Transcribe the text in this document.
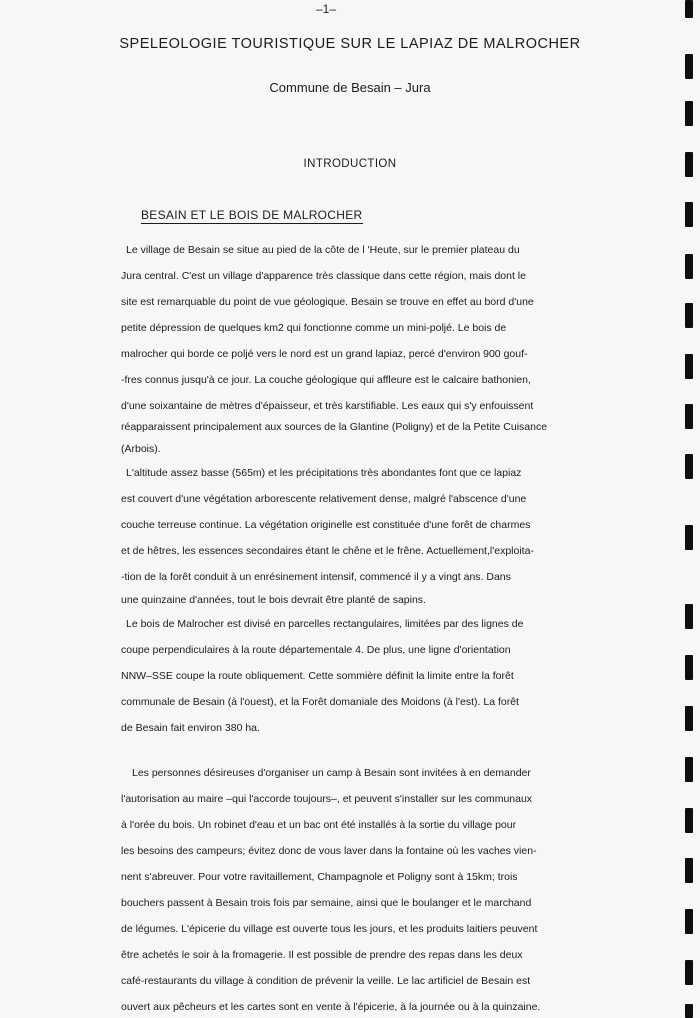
–1–
SPELEOLOGIE TOURISTIQUE SUR LE LAPIAZ DE MALROCHER
Commune de Besain – Jura
INTRODUCTION
BESAIN ET LE BOIS DE MALROCHER
Le village de Besain se situe au pied de la côte de l 'Heute, sur le premier plateau du
Jura central. C'est un village d'apparence très classique dans cette région, mais dont le
site est remarquable du point de vue géologique. Besain se trouve en effet au bord d'une
petite dépression de quelques km2 qui fonctionne comme un mini-poljé. Le bois de
malrocher qui borde ce poljé vers le nord est un grand lapiaz, percé d'environ 900 gouf-
-fres connus jusqu'à ce jour. La couche géologique qui affleure est le calcaire bathonien,
d'une soixantaine de mètres d'épaisseur, et très karstifiable. Les eaux qui s'y enfouissent
réapparaissent principalement aux sources de la Glantine (Poligny) et de la Petite Cuisance
(Arbois).
L'altitude assez basse (565m) et les précipitations très abondantes font que ce lapiaz
est couvert d'une végétation arborescente relativement dense, malgré l'abscence d'une
couche terreuse continue. La végétation originelle est constituée d'une forêt de charmes
et de hêtres, les essences secondaires étant le chêne et le frêne. Actuellement,l'exploita-
-tion de la forêt conduit à un enrésinement intensif, commencé il y a vingt ans. Dans
une quinzaine d'années, tout le bois devrait être planté de sapins.
Le bois de Malrocher est divisé en parcelles rectangulaires, limitées par des lignes de
coupe perpendiculaires à la route départementale 4. De plus, une ligne d'orientation
NNW–SSE coupe la route obliquement. Cette sommière définit la limite entre la forêt
communale de Besain (à l'ouest), et la Forêt domaniale des Moidons (à l'est). La forêt
de Besain fait environ 380 ha.
Les personnes désireuses d'organiser un camp à Besain sont invitées à en demander
l'autorisation au maire –qui l'accorde toujours–, et peuvent s'installer sur les communaux
à l'orée du bois. Un robinet d'eau et un bac ont été installés à la sortie du village pour
les besoins des campeurs; évitez donc de vous laver dans la fontaine où les vaches vien-
nent s'abreuver. Pour votre ravitaillement, Champagnole et Poligny sont à 15km; trois
bouchers passent à Besain trois fois par semaine, ainsi que le boulanger et le marchand
de légumes. L'épicerie du village est ouverte tous les jours, et les produits laitiers peuvent
être achetés le soir à la fromagerie. Il est possible de prendre des repas dans les deux
café-restaurants du village à condition de prévenir la veille. Le lac artificiel de Besain est
ouvert aux pêcheurs et les cartes sont en vente à l'épicerie, à la journée ou à la quinzaine.
